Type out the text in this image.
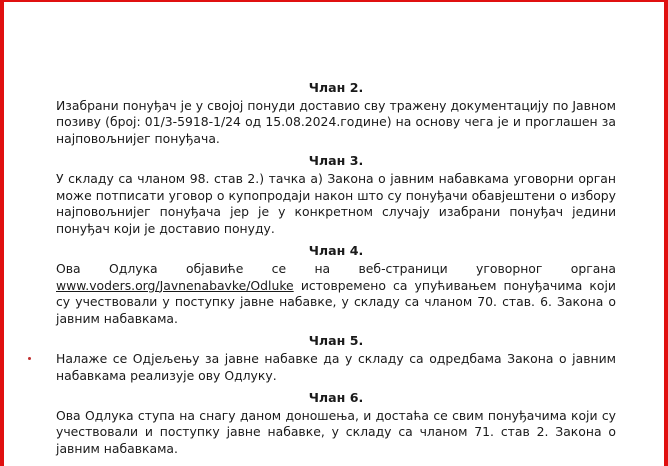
Члан 2.

Изабрани понуђач је у својој понуди доставио сву тражену документацију по Јавном позиву (број: 01/3-5918-1/24 од 15.08.2024.године) на основу чега је и проглашен за најповољнијег понуђача.

Члан 3.

У складу са чланом 98. став 2.) тачка а) Закона о јавним набавкама уговорни орган може потписати уговор о купопродаји након што су понуђачи обавјештени о избору најповољнијег понуђача јер је у конкретном случају изабрани понуђач једини понуђач који је доставио понуду.

Члан 4.

Ова Одлука објавиће се на веб-страници уговорног органа www.voders.org/Javnenabavke/Odluke истовремено са упућивањем понуђачима који су учествовали у поступку јавне набавке, у складу са чланом 70. став. 6. Закона о јавним набавкама.

Члан 5.

Налаже се Одјељењу за јавне набавке да у складу са одредбама Закона о јавним набавкама реализује ову Одлуку.

Члан 6.

Ова Одлука ступа на снагу даном доношења, и достаћа се свим понуђачима који су учествовали и поступку јавне набавке, у складу са чланом 71. став 2. Закона о јавним набавкама.
